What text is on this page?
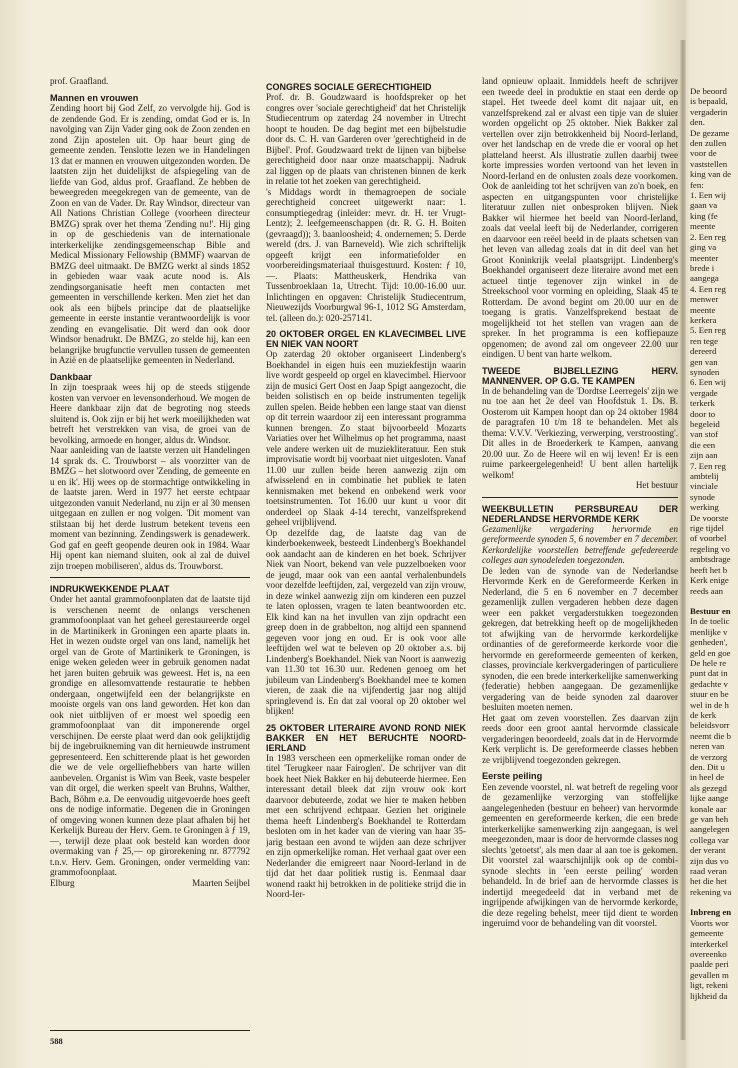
prof. Graafland.

Mannen en vrouwen

Zending hoort bij God Zelf, zo vervolgde hij. God is de zendende God. Er is zending, omdat God er is. In navolging van Zijn Vader ging ook de Zoon zenden en zond Zijn apostelen uit. Op haar beurt ging de gemeente zenden. Tenslotte lezen we in Handelingen 13 dat er mannen en vrouwen uitgezonden worden. De laatsten zijn het duidelijkst de afspiegeling van de liefde van God, aldus prof. Graafland. Ze hebben de beweegreden meegekregen van de gemeente, van de Zoon en van de Vader. Dr. Ray Windsor, directeur van All Nations Christian College (voorheen directeur BMZG) sprak over het thema 'Zending nu!'. Hij ging in op de geschiedenis van de internationale interkerkelijke zendingsgemeenschap Bible and Medical Missionary Fellowship (BMMF) waarvan de BMZG deel uitmaakt. De BMZG werkt al sinds 1852 in gebieden waar vaak acute nood is. Als zendingsorganisatie heeft men contacten met gemeenten in verschillende kerken. Men ziet het dan ook als een bijbels principe dat de plaatselijke gemeente in eerste instantie verantwoordelijk is voor zending en evangelisatie. Dit werd dan ook door Windsor benadrukt. De BMZG, zo stelde hij, kan een belangrijke brugfunctie vervullen tussen de gemeenten in Azië en de plaatselijke gemeenten in Nederland.

Dankbaar

In zijn toespraak wees hij op de steeds stijgende kosten van vervoer en levensonderhoud. We mogen de Heere dankbaar zijn dat de begroting nog steeds sluitend is. Ook zijn er bij het werk moeilijkheden wat betreft het verstrekken van visa, de groei van de bevolking, armoede en honger, aldus dr. Windsor.

Naar aanleiding van de laatste verzen uit Handelingen 14 sprak ds. C. Trouwborst – als voorzitter van de BMZG – het slotwoord over 'Zending, de gemeente en u en ik'. Hij wees op de stormachtige ontwikkeling in de laatste jaren. Werd in 1977 het eerste echtpaar uitgezonden vanuit Nederland, nu zijn er al 30 mensen uitgegaan en zullen er nog volgen. 'Dit moment van stilstaan bij het derde lustrum betekent tevens een moment van bezinning. Zendingswerk is genadewerk. God gaf en geeft geopende deuren ook in 1984. Waar Hij opent kan niemand sluiten, ook al zal de duivel zijn troepen mobiliseren', aldus ds. Trouwborst.

INDRUKWEKKENDE PLAAT

Onder het aantal grammofoonplaten dat de laatste tijd is verschenen neemt de onlangs verschenen grammofoonplaat van het geheel gerestaureerde orgel in de Martinikerk in Groningen een aparte plaats in. Het in wezen oudste orgel van ons land, namelijk het orgel van de Grote of Martinikerk te Groningen, is enige weken geleden weer in gebruik genomen nadat het jaren buiten gebruik was geweest. Het is, na een grondige en allesomvattende restauratie te hebben ondergaan, ongetwijfeld een der belangrijkste en mooiste orgels van ons land geworden. Het kon dan ook niet uitblijven of er moest wel spoedig een grammofoonplaat van dit imponerende orgel verschijnen. De eerste plaat werd dan ook gelijktijdig bij de ingebruikneming van dit hernieuwde instrument gepresenteerd. Een schitterende plaat is het geworden die we de vele orgelliefhebbers van harte willen aanbevelen. Organist is Wim van Beek, vaste bespeler van dit orgel, die werken speelt van Bruhns, Walther, Bach, Böhm e.a. De eenvoudig uitgevoerde hoes geeft ons de nodige informatie. Degenen die in Groningen of omgeving wonen kunnen deze plaat afhalen bij het Kerkelijk Bureau der Herv. Gem. te Groningen à ƒ 19,—, terwijl deze plaat ook besteld kan worden door overmaking van ƒ 25,— op girorekening nr. 877792 t.n.v. Herv. Gem. Groningen, onder vermelding van: grammofoonplaat.

Elburg	Maarten Seijbel
CONGRES SOCIALE GERECHTIGHEID

Prof. dr. B. Goudzwaard is hoofdspreker op het congres over 'sociale gerechtigheid' dat het Christelijk Studiecentrum op zaterdag 24 november in Utrecht hoopt te houden. De dag begint met een bijbelstudie door ds. C. H. van Garderen over 'gerechtigheid in de Bijbel'. Prof. Goudzwaard trekt de lijnen van bijbelse gerechtigheid door naar onze maatschappij. Nadruk zal liggen op de plaats van christenen binnen de kerk in relatie tot het zoeken van gerechtigheid.

's Middags wordt in themagroepen de sociale gerechtigheid concreet uitgewerkt naar: 1. consumptiegedrag (inleider: mevr. dr. H. ter Vrugt-Lentz); 2. leefgemeenschappen (dr. R. G. H. Boiten (gevraagd)); 3. baanloosheid; 4. ondernemen; 5. Derde wereld (drs. J. van Barneveld). Wie zich schriftelijk opgeeft krijgt een informatiefolder en voorbereidingsmateriaal thuisgestuurd. Kosten: ƒ 10,—. Plaats: Mattheuskerk, Hendrika van Tussenbroeklaan 1a, Utrecht. Tijd: 10.00-16.00 uur. Inlichtingen en opgaven: Christelijk Studiecentrum, Nieuwezijds Voorburgwal 96-1, 1012 SG Amsterdam, tel. (alleen do.): 020-257141.

20 OKTOBER ORGEL EN KLAVECIMBEL LIVE EN NIEK VAN NOORT

Op zaterdag 20 oktober organiseert Lindenberg's Boekhandel in eigen huis een muziekfestijn waarin live wordt gespeeld op orgel en klavecimbel. Hiervoor zijn de musici Gert Oost en Jaap Spigt aangezocht, die beiden solistisch en op beide instrumenten tegelijk zullen spelen. Beide hebben een lange staat van dienst op dit terrein waardoor zij een interessant programma kunnen brengen. Zo staat bijvoorbeeld Mozarts Variaties over het Wilhelmus op het programma, naast vele andere werken uit de muziekliteratuur. Een stuk improvisatie wordt bij voorbaat niet uitgesloten. Vanaf 11.00 uur zullen beide heren aanwezig zijn om afwisselend en in combinatie het publiek te laten kennismaken met bekend en onbekend werk voor toetsinstrumenten. Tot 16.00 uur kunt u voor dit onderdeel op Slaak 4-14 terecht, vanzelfsprekend geheel vrijblijvend.

Op dezelfde dag, de laatste dag van de kinderboekenweek, besteedt Lindenberg's Boekhandel ook aandacht aan de kinderen en het boek. Schrijver Niek van Noort, bekend van vele puzzelboeken voor de jeugd, maar ook van een aantal verhalenbundels voor dezelfde leeftijden, zal, vergezeld van zijn vrouw, in deze winkel aanwezig zijn om kinderen een puzzel te laten oplossen, vragen te laten beantwoorden etc. Elk kind kan na het invullen van zijn opdracht een greep doen in de grabbelton, nog altijd een spannend gegeven voor jong en oud. Er is ook voor alle leeftijden wel wat te beleven op 20 oktober a.s. bij Lindenberg's Boekhandel. Niek van Noort is aanwezig van 11.30 tot 16.30 uur. Redenen genoeg om het jubileum van Lindenberg's Boekhandel mee te komen vieren, de zaak die na vijfendertig jaar nog altijd springlevend is. En dat zal vooral op 20 oktober wel blijken!

25 OKTOBER LITERAIRE AVOND ROND NIEK BAKKER EN HET BERUCHTE NOORD-IERLAND

In 1983 verscheen een opmerkelijke roman onder de titel 'Terugkeer naar Fairoglen'. De schrijver van dit boek heet Niek Bakker en hij debuteerde hiermee. Een interessant detail bleek dat zijn vrouw ook kort daarvoor debuteerde, zodat we hier te maken hebben met een schrijvend echtpaar. Gezien het originele thema heeft Lindenberg's Boekhandel te Rotterdam besloten om in het kader van de viering van haar 35-jarig bestaan een avond te wijden aan deze schrijver en zijn opmerkelijke roman. Het verhaal gaat over een Nederlander die emigreert naar Noord-Ierland in de tijd dat het daar politiek rustig is. Eenmaal daar wonend raakt hij betrokken in de politieke strijd die in Noord-Ier-

land opnieuw oplaait. Inmiddels heeft de schrijver een tweede deel in produktie en staat een derde op stapel. Het tweede deel komt dit najaar uit, en vanzelfsprekend zal er alvast een tipje van de sluier worden opgelicht op 25 oktober. Niek Bakker zal vertellen over zijn betrokkenheid bij Noord-Ierland, over het landschap en de vrede die er vooral op het platteland heerst. Als illustratie zullen daarbij twee korte impressies worden vertoond van het leven in Noord-Ierland en de onlusten zoals deze voorkomen. Ook de aanleiding tot het schrijven van zo'n boek, en aspecten en uitgangspunten voor christelijke literatuur zullen niet onbesproken blijven. Niek Bakker wil hiermee het beeld van Noord-Ierland, zoals dat veelal leeft bij de Nederlander, corrigeren en daarvoor een reëel beeld in de plaats schetsen van het leven van alledag zoals dat in dit deel van het Groot Koninkrijk veelal plaatsgrijpt. Lindenberg's Boekhandel organiseert deze literaire avond met een actueel tintje tegenover zijn winkel in de Streekschool voor vorming en opleiding, Slaak 45 te Rotterdam. De avond begint om 20.00 uur en de toegang is gratis. Vanzelfsprekend bestaat de mogelijkheid tot het stellen van vragen aan de spreker. In het programma is een koffiepauze opgenomen; de avond zal om ongeveer 22.00 uur eindigen. U bent van harte welkom.

TWEEDE BIJBELLEZING HERV. MANNENVER. OP G.G. TE KAMPEN

In de behandeling van de 'Dordtse Leerregels' zijn we nu toe aan het 2e deel van Hoofdstuk 1. Ds. B. Oosterom uit Kampen hoopt dan op 24 oktober 1984 de paragrafen 10 t/m 18 te behandelen. Met als thema: V.V.V. 'Verkiezing, verwerping, verstroosting'. Dit alles in de Broederkerk te Kampen, aanvang 20.00 uur. Zo de Heere wil en wij leven! Er is een ruime parkeergelegenheid! U bent allen hartelijk welkom!

Het bestuur

WEEKBULLETIN PERSBUREAU DER NEDERLANDSE HERVORMDE KERK

Gezamenlijke vergadering hervormde en gereformeerde synoden 5, 6 november en 7 december. Kerkordelijke voorstellen betreffende gefedereerde colleges aan synodeleden toegezonden.

De leden van de synode van de Nederlandse Hervormde Kerk en de Gereformeerde Kerken in Nederland, die 5 en 6 november en 7 december gezamenlijk zullen vergaderen hebben deze dagen weer een pakket vergaderstukken toegezonden gekregen, dat betrekking heeft op de mogelijkheden tot afwijking van de hervormde kerkordelijke ordinanties of de gereformeerde kerkorde voor die hervormde en gereformeerde gemeenten of kerken, classes, provinciale kerkvergaderingen of particuliere synoden, die een brede interkerkelijke samenwerking (federatie) hebben aangegaan. De gezamenlijke vergadering van de beide synoden zal daarover besluiten moeten nemen.

Het gaat om zeven voorstellen. Zes daarvan zijn reeds door een groot aantal hervormde classicale vergaderingen beoordeeld, zoals dat in de Hervormde Kerk verplicht is. De gereformeerde classes hebben ze vrijblijvend toegezonden gekregen.

Eerste peiling

Een zevende voorstel, nl. wat betreft de regeling voor de gezamenlijke verzorging van stoffelijke aangelegenheden (bestuur en beheer) van hervormde gemeenten en gereformeerde kerken, die een brede interkerkelijke samenwerking zijn aangegaan, is wel meegezonden, maar is door de hervormde classes nog slechts 'getoetst', als men daar al aan toe is gekomen. Dit voorstel zal waarschijnlijk ook op de combi-synode slechts in 'een eerste peiling' worden behandeld. In de brief aan de hervormde classes is indertijd meegedeeld dat in verband met de ingrijpende afwijkingen van de hervormde kerkorde, die deze regeling behelst, meer tijd dient te worden ingeruimd voor de behandeling van dit voorstel.

De beoord
is bepaald,
vergaderin
den.
De gezame
den zullen
voor de
vaststellen
king van de
fen:
1. Een wij
gaan va
king (fe
meente
2. Een reg
ging va
meenter
brede i
aangega
4. Een reg
menwer
meente
kerkera
5. Een reg
ren tege
dereerd
gen van
synoden
6. Een wij
vergade
terkerk
door to
begeleid
van stof
die een
zijn aan
7. Een reg
ambtelij
vinciale
synode
werking
De voorste
rige tijdel
of voorbel
regeling vo
ambtsdrage
heeft het b
Kerk enige
reeds aan
Bestuur en
In de toelic
menlijke v
genheden',
geld en goe
De hele re
punt dat in
gedachte v
stuur en be
wel in de h
de kerk
beleidsvorr
neemt die b
neren van
de verzorg
den. Dit u
in heel de
als gezegd
lijke aange
konale aar
ge van beh
aangelegen
collega var
der verant
zijn dus vo
raad veran
het die het
rekening va
Inbreng en
Voorts wor
gemeente
interkerkel
overeenko
paalde peri
gevallen m
ligt, rekeni
lijkheid da
588
